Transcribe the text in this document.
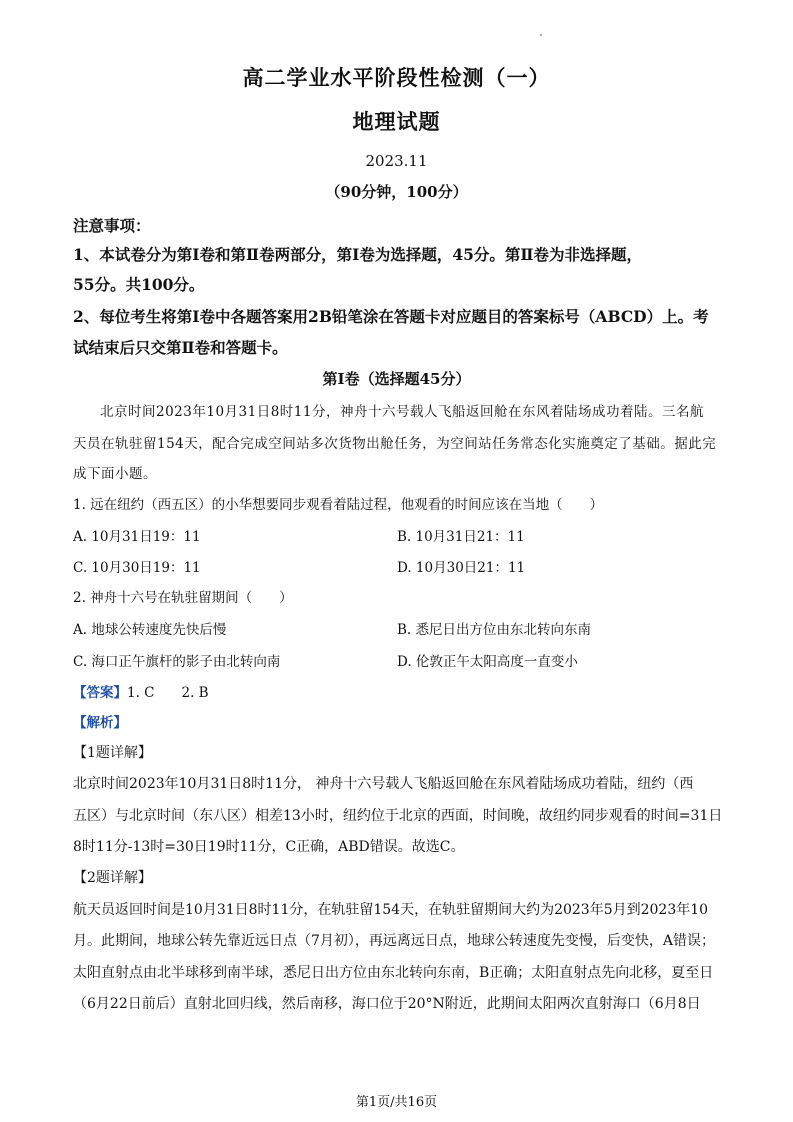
高二学业水平阶段性检测（一）
地理试题
2023.11
（90分钟，100分）
注意事项：
1、本试卷分为第Ⅰ卷和第Ⅱ卷两部分，第Ⅰ卷为选择题，45分。第Ⅱ卷为非选择题，
55分。共100分。
2、每位考生将第Ⅰ卷中各题答案用2B铅笔涂在答题卡对应题目的答案标号（ABCD）上。考
试结束后只交第Ⅱ卷和答题卡。
第Ⅰ卷（选择题45分）
北京时间2023年10月31日8时11分，神舟十六号载人飞船返回舱在东风着陆场成功着陆。三名航
天员在轨驻留154天，配合完成空间站多次货物出舱任务，为空间站任务常态化实施奠定了基础。据此完
成下面小题。
1. 远在纽约（西五区）的小华想要同步观看着陆过程，他观看的时间应该在当地（　　）
A. 10月31日19：11	B. 10月31日21：11
C. 10月30日19：11	D. 10月30日21：11
2. 神舟十六号在轨驻留期间（　　）
A. 地球公转速度先快后慢	B. 悉尼日出方位由东北转向东南
C. 海口正午旗杆的影子由北转向南	D. 伦敦正午太阳高度一直变小
【答案】1. C　　2. B
【解析】
【1题详解】
北京时间2023年10月31日8时11分， 神舟十六号载人飞船返回舱在东风着陆场成功着陆，纽约（西
五区）与北京时间（东八区）相差13小时，纽约位于北京的西面，时间晚，故纽约同步观看的时间=31日
8时11分-13时=30日19时11分，C正确，ABD错误。故选C。
【2题详解】
航天员返回时间是10月31日8时11分，在轨驻留154天，在轨驻留期间大约为2023年5月到2023年10
月。此期间，地球公转先靠近远日点（7月初），再远离远日点，地球公转速度先变慢，后变快，A错误；
太阳直射点由北半球移到南半球，悉尼日出方位由东北转向东南，B正确；太阳直射点先向北移，夏至日
（6月22日前后）直射北回归线，然后南移，海口位于20°N附近，此期间太阳两次直射海口（6月8日
第1页/共16页
